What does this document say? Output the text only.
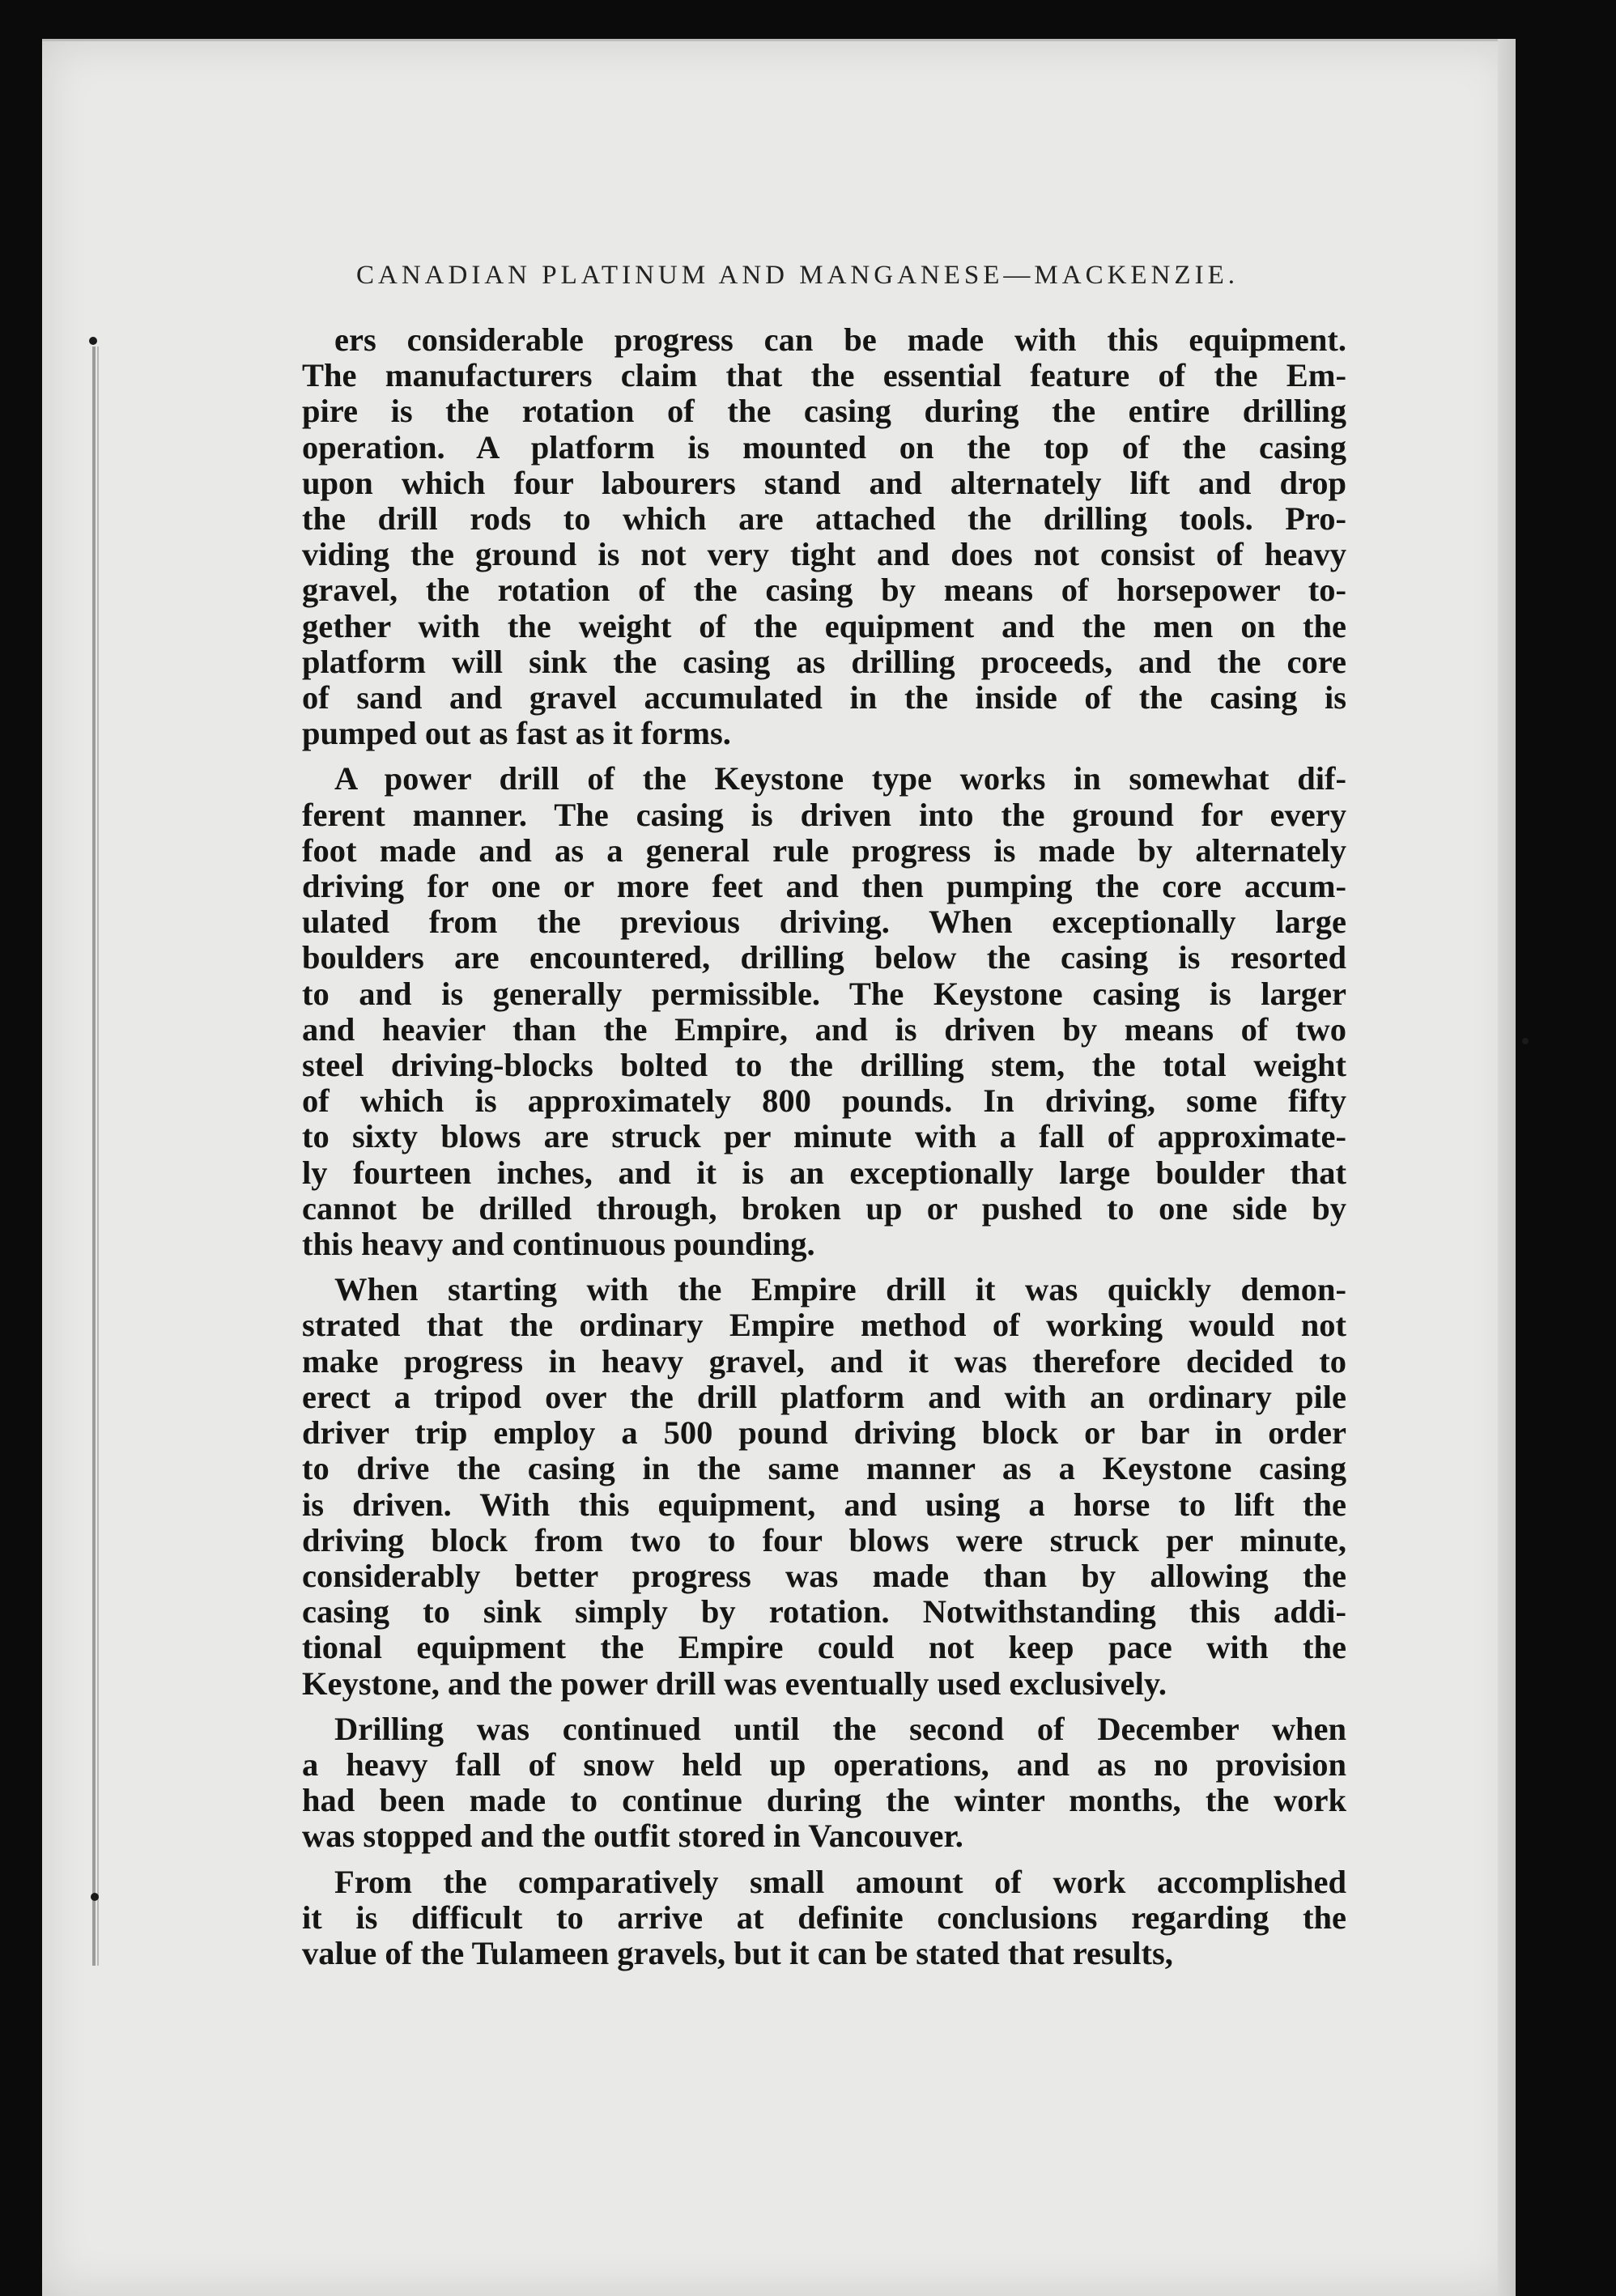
CANADIAN PLATINUM AND MANGANESE—MACKENZIE.

ers considerable progress can be made with this equipment.
The manufacturers claim that the essential feature of the Em-
pire is the rotation of the casing during the entire drilling
operation. A platform is mounted on the top of the casing
upon which four labourers stand and alternately lift and drop
the drill rods to which are attached the drilling tools. Pro-
viding the ground is not very tight and does not consist of heavy
gravel, the rotation of the casing by means of horsepower to-
gether with the weight of the equipment and the men on the
platform will sink the casing as drilling proceeds, and the core
of sand and gravel accumulated in the inside of the casing is
pumped out as fast as it forms.

A power drill of the Keystone type works in somewhat dif-
ferent manner. The casing is driven into the ground for every
foot made and as a general rule progress is made by alternately
driving for one or more feet and then pumping the core accum-
ulated from the previous driving. When exceptionally large
boulders are encountered, drilling below the casing is resorted
to and is generally permissible. The Keystone casing is larger
and heavier than the Empire, and is driven by means of two
steel driving-blocks bolted to the drilling stem, the total weight
of which is approximately 800 pounds. In driving, some fifty
to sixty blows are struck per minute with a fall of approximate-
ly fourteen inches, and it is an exceptionally large boulder that
cannot be drilled through, broken up or pushed to one side by
this heavy and continuous pounding.

When starting with the Empire drill it was quickly demon-
strated that the ordinary Empire method of working would not
make progress in heavy gravel, and it was therefore decided to
erect a tripod over the drill platform and with an ordinary pile
driver trip employ a 500 pound driving block or bar in order
to drive the casing in the same manner as a Keystone casing
is driven. With this equipment, and using a horse to lift the
driving block from two to four blows were struck per minute,
considerably better progress was made than by allowing the
casing to sink simply by rotation. Notwithstanding this addi-
tional equipment the Empire could not keep pace with the
Keystone, and the power drill was eventually used exclusively.

Drilling was continued until the second of December when
a heavy fall of snow held up operations, and as no provision
had been made to continue during the winter months, the work
was stopped and the outfit stored in Vancouver.

From the comparatively small amount of work accomplished
it is difficult to arrive at definite conclusions regarding the
value of the Tulameen gravels, but it can be stated that results,
